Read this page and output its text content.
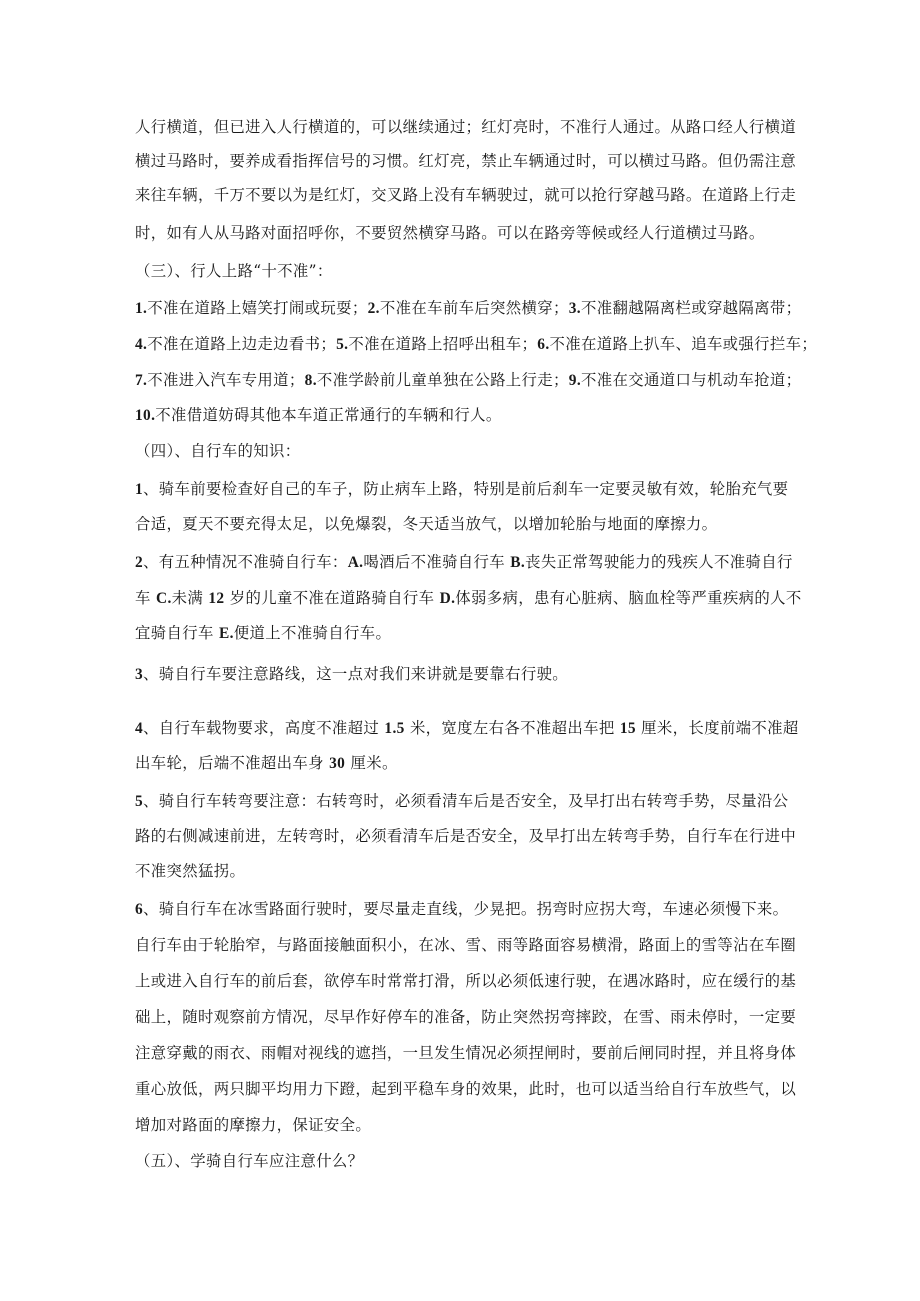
人行横道，但已进入人行横道的，可以继续通过；红灯亮时，不准行人通过。从路口经人行横道
横过马路时，要养成看指挥信号的习惯。红灯亮，禁止车辆通过时，可以横过马路。但仍需注意
来往车辆，千万不要以为是红灯，交叉路上没有车辆驶过，就可以抢行穿越马路。在道路上行走
时，如有人从马路对面招呼你，不要贸然横穿马路。可以在路旁等候或经人行道横过马路。
（三）、行人上路“十不准”：
1.不准在道路上嬉笑打闹或玩耍；2.不准在车前车后突然横穿；3.不准翻越隔离栏或穿越隔离带；
4.不准在道路上边走边看书；5.不准在道路上招呼出租车；6.不准在道路上扒车、追车或强行拦车；
7.不准进入汽车专用道；8.不准学龄前儿童单独在公路上行走；9.不准在交通道口与机动车抢道；
10.不准借道妨碍其他本车道正常通行的车辆和行人。
（四）、自行车的知识：
1、骑车前要检查好自己的车子，防止病车上路，特别是前后刹车一定要灵敏有效，轮胎充气要
合适，夏天不要充得太足，以免爆裂，冬天适当放气，以增加轮胎与地面的摩擦力。
2、有五种情况不准骑自行车：A.喝酒后不准骑自行车 B.丧失正常驾驶能力的残疾人不准骑自行
车 C.未满 12 岁的儿童不准在道路骑自行车 D.体弱多病，患有心脏病、脑血栓等严重疾病的人不
宜骑自行车 E.便道上不准骑自行车。
3、骑自行车要注意路线，这一点对我们来讲就是要靠右行驶。
4、自行车载物要求，高度不准超过 1.5 米，宽度左右各不准超出车把 15 厘米，长度前端不准超
出车轮，后端不准超出车身 30 厘米。
5、骑自行车转弯要注意：右转弯时，必须看清车后是否安全，及早打出右转弯手势，尽量沿公
路的右侧减速前进，左转弯时，必须看清车后是否安全，及早打出左转弯手势，自行车在行进中
不准突然猛拐。
6、骑自行车在冰雪路面行驶时，要尽量走直线，少晃把。拐弯时应拐大弯，车速必须慢下来。
自行车由于轮胎窄，与路面接触面积小，在冰、雪、雨等路面容易横滑，路面上的雪等沾在车圈
上或进入自行车的前后套，欲停车时常常打滑，所以必须低速行驶，在遇冰路时，应在缓行的基
础上，随时观察前方情况，尽早作好停车的准备，防止突然拐弯摔跤，在雪、雨未停时，一定要
注意穿戴的雨衣、雨帽对视线的遮挡，一旦发生情况必须捏闸时，要前后闸同时捏，并且将身体
重心放低，两只脚平均用力下蹬，起到平稳车身的效果，此时，也可以适当给自行车放些气，以
增加对路面的摩擦力，保证安全。
（五）、学骑自行车应注意什么？
